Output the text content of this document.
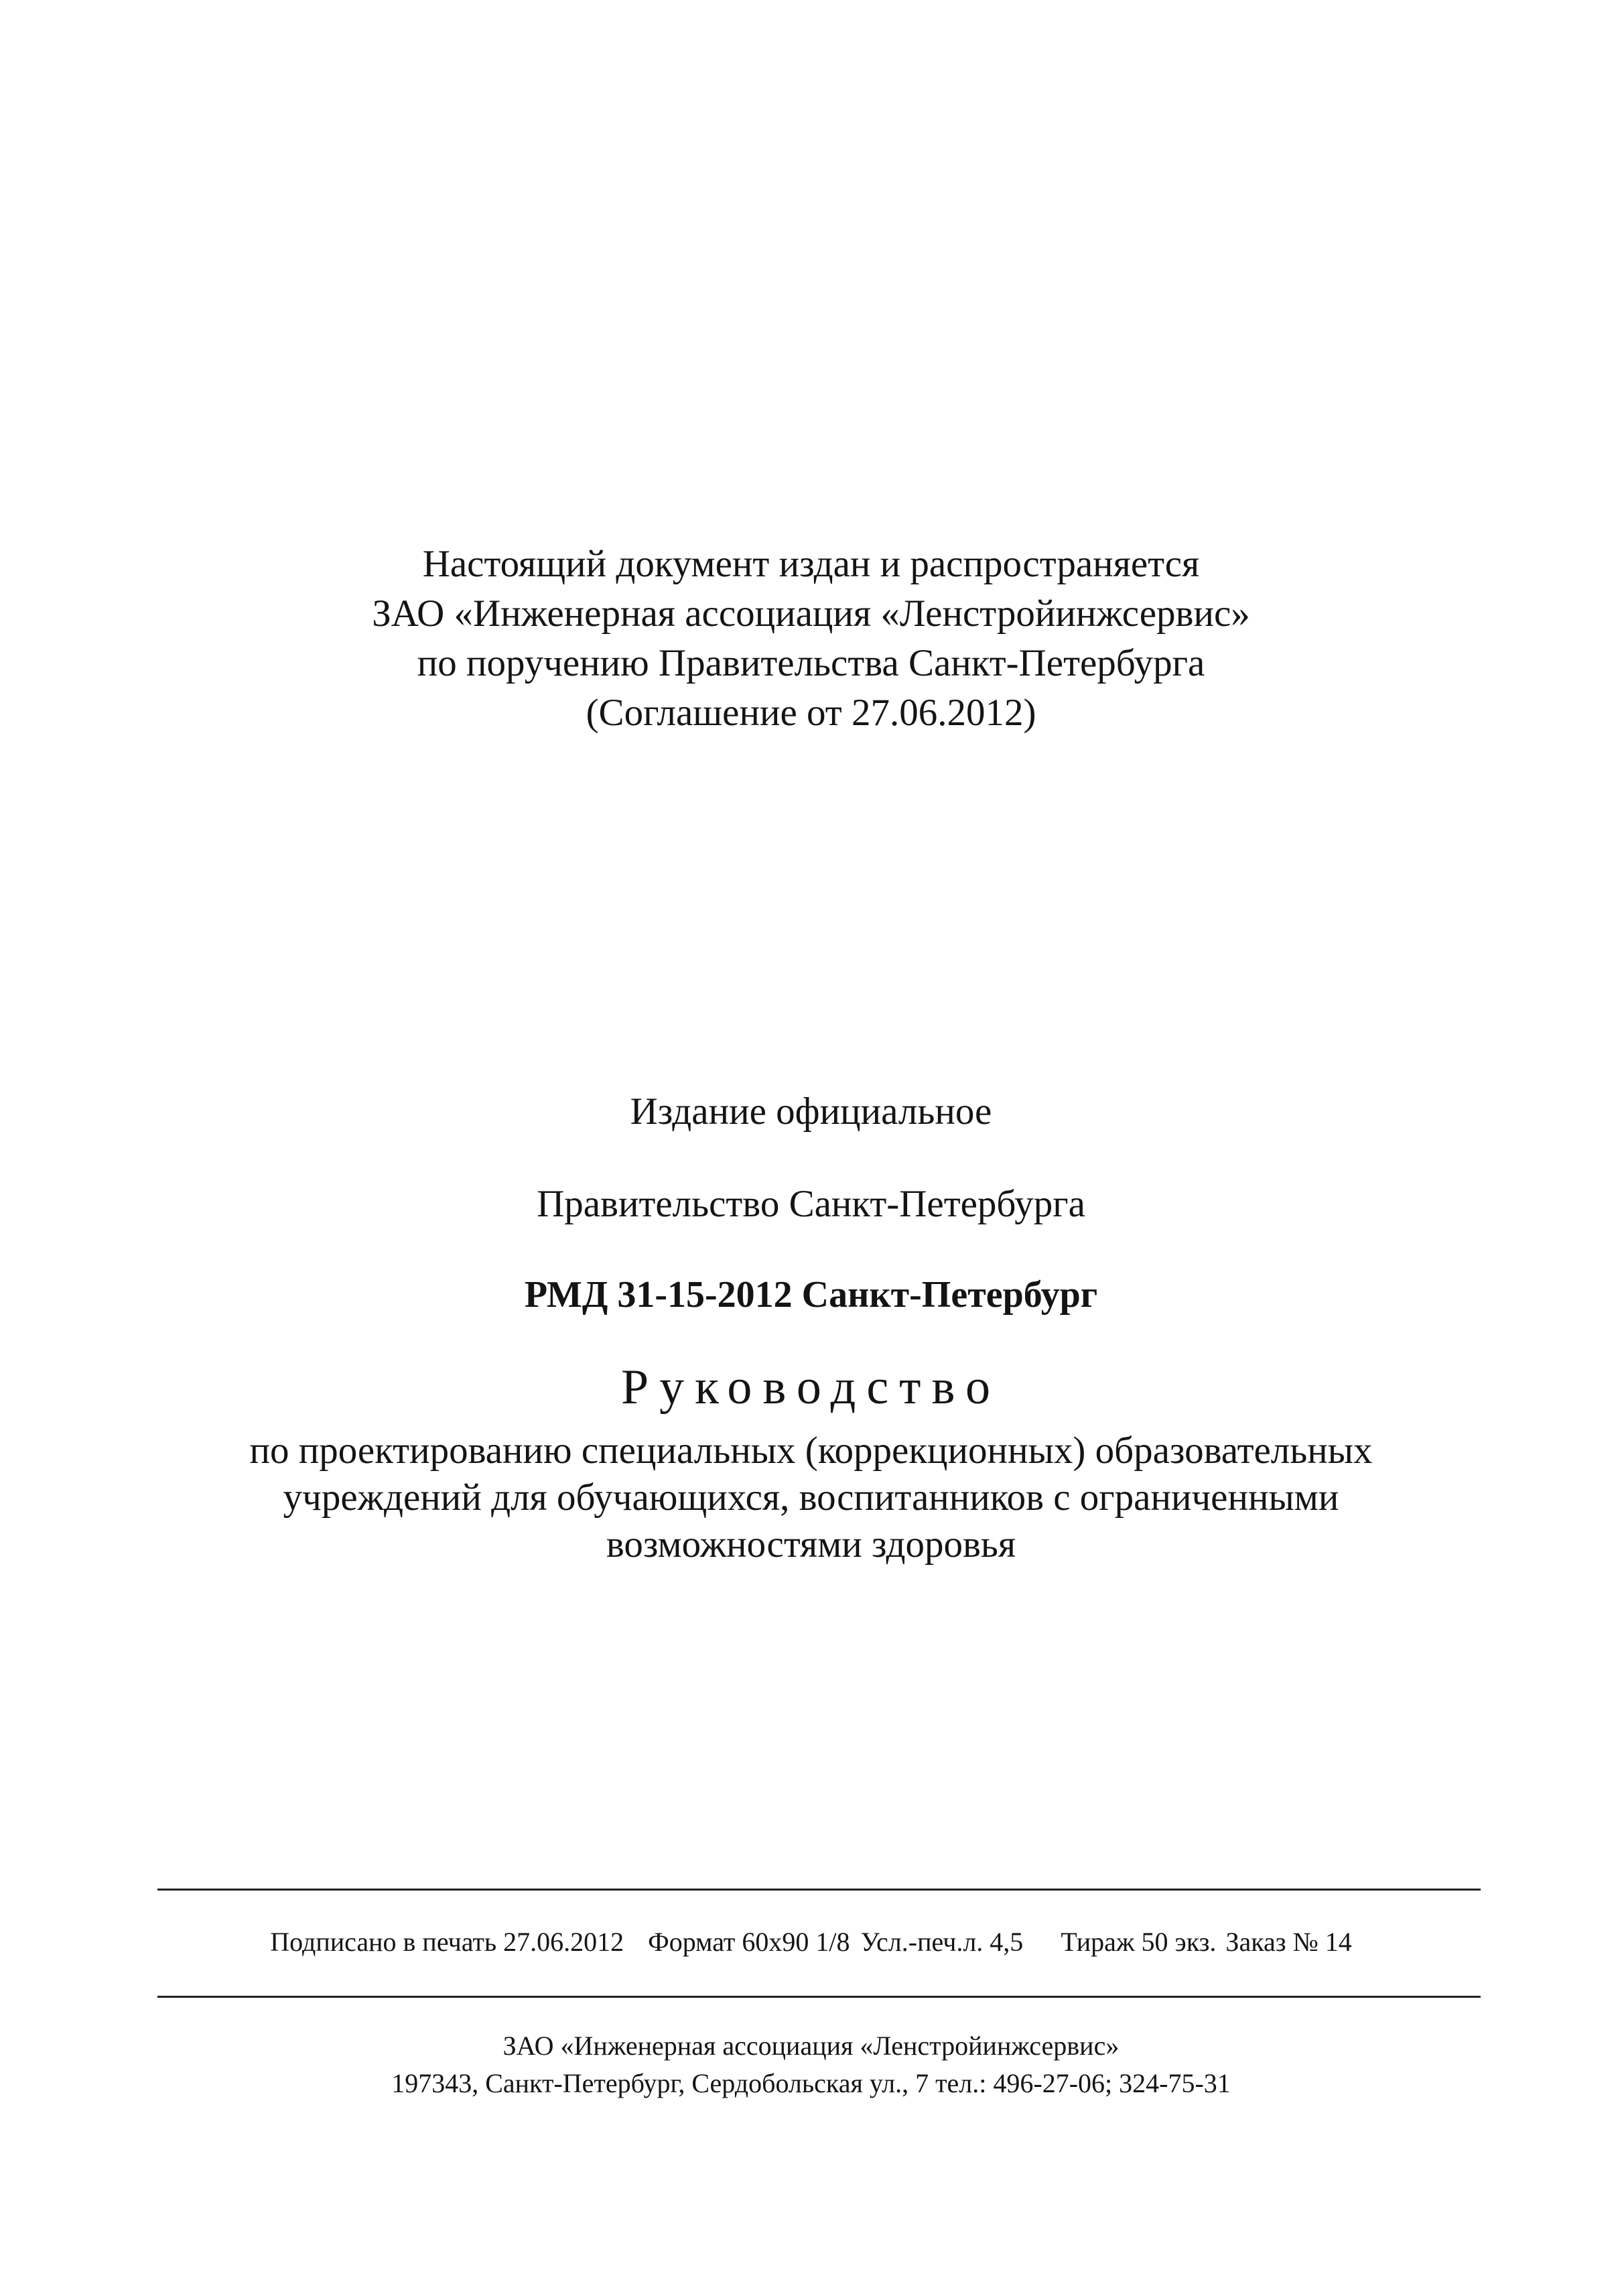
Настоящий документ издан и распространяется
ЗАО «Инженерная ассоциация «Ленстройинжсервис»
по поручению Правительства Санкт-Петербурга
(Соглашение от 27.06.2012)
Издание официальное
Правительство Санкт-Петербурга
РМД 31-15-2012 Санкт-Петербург
Руководство
по проектированию специальных (коррекционных) образовательных
учреждений для обучающихся, воспитанников с ограниченными
возможностями здоровья
Подписано в печать 27.06.2012 Формат 60х90 1/8 Усл.-печ.л. 4,5 Тираж 50 экз. Заказ № 14
ЗАО «Инженерная ассоциация «Ленстройинжсервис»
197343, Санкт-Петербург, Сердобольская ул., 7 тел.: 496-27-06; 324-75-31
